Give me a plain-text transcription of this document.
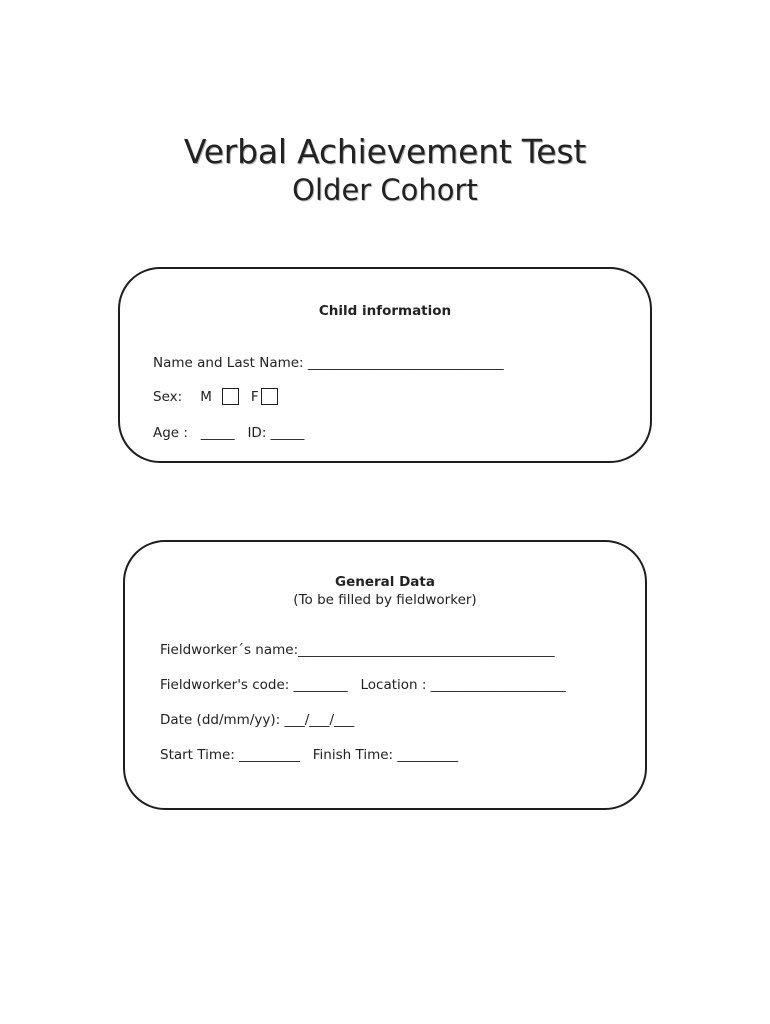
Verbal Achievement Test
Older Cohort
Child information
Name and Last Name: _____________________________
Sex: M	F
Age :   _____   ID: _____
General Data
(To be filled by fieldworker)
Fieldworker´s name:______________________________________
Fieldworker's code: ________   Location : ____________________
Date (dd/mm/yy): ___/___/___
Start Time: _________   Finish Time: _________
